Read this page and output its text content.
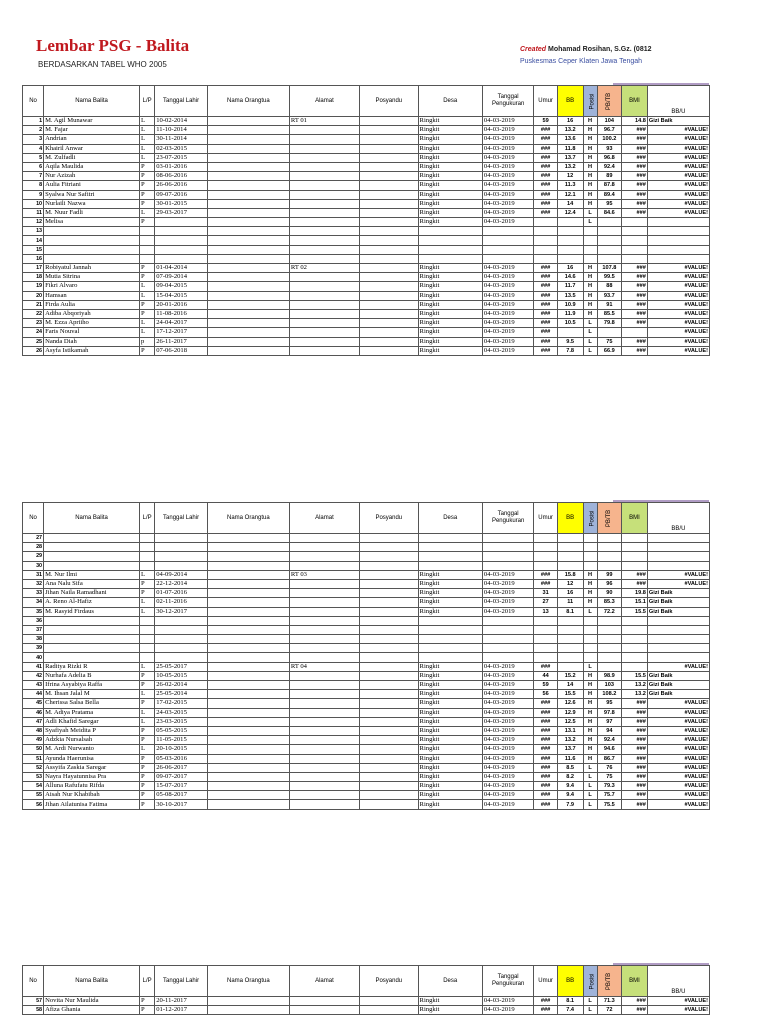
Lembar PSG - Balita
BERDASARKAN TABEL WHO 2005
Created Mohamad Rosihan, S.Gz. (0812
Puskesmas Ceper Klaten Jawa Tengah
No	Nama Balita	L/P	Tanggal Lahir	Nama Orangtua	Alamat	Posyandu	Desa	Tanggal Pengukuran	Umur	BB	Posisi	PB/TB	BMI	BB/U
1	M. Agil Munawar	L	10-02-2014		RT 01		Ringkit	04-03-2019	59	16	H	104	14.8	Gizi Baik
2	M. Fajar	L	11-10-2014				Ringkit	04-03-2019	###	13.2	H	96.7	###	#VALUE!
3	Andrian	L	30-11-2014				Ringkit	04-03-2019	###	13.6	H	100.2	###	#VALUE!
4	Khairil Anwar	L	02-03-2015				Ringkit	04-03-2019	###	11.8	H	93	###	#VALUE!
5	M. Zulfadli	L	23-07-2015				Ringkit	04-03-2019	###	13.7	H	96.8	###	#VALUE!
6	Aqila Maulida	P	03-01-2016				Ringkit	04-03-2019	###	13.2	H	92.4	###	#VALUE!
7	Nur Azizah	P	08-06-2016				Ringkit	04-03-2019	###	12	H	89	###	#VALUE!
8	Aulia Fitriani	P	26-06-2016				Ringkit	04-03-2019	###	11.3	H	87.8	###	#VALUE!
9	Syalwa Nur Safitri	P	09-07-2016				Ringkit	04-03-2019	###	12.1	H	89.4	###	#VALUE!
10	Nurlaili Nazwa	P	30-01-2015				Ringkit	04-03-2019	###	14	H	95	###	#VALUE!
11	M. Nuur Fadli	L	29-03-2017				Ringkit	04-03-2019	###	12.4	L	84.6	###	#VALUE!
12	Melisa	P					Ringkit	04-03-2019			L			
13														
14														
15														
16														
17	Robiyatul Jannah	P	01-04-2014		RT 02		Ringkit	04-03-2019	###	16	H	107.8	###	#VALUE!
18	Mutia Sitrina	P	07-09-2014				Ringkit	04-03-2019	###	14.6	H	99.5	###	#VALUE!
19	Fikri Alvaro	L	09-04-2015				Ringkit	04-03-2019	###	11.7	H	88	###	#VALUE!
20	Hamsan	L	15-04-2015				Ringkit	04-03-2019	###	13.5	H	93.7	###	#VALUE!
21	Firda Aulia	P	20-01-2016				Ringkit	04-03-2019	###	10.9	H	91	###	#VALUE!
22	Adiba Abqoriyah	P	11-08-2016				Ringkit	04-03-2019	###	11.9	H	85.5	###	#VALUE!
23	M. Ezza Apriiho	L	24-04-2017				Ringkit	04-03-2019	###	10.5	L	79.8	###	#VALUE!
24	Faris Nouval	L	17-12-2017				Ringkit	04-03-2019	###		L			#VALUE!
25	Nanda Diah	p	26-11-2017				Ringkit	04-03-2019	###	9.5	L	75	###	#VALUE!
26	Asyfa Istikamah	P	07-06-2018				Ringkit	04-03-2019	###	7.8	L	66.9	###	#VALUE!
No	Nama Balita	L/P	Tanggal Lahir	Nama Orangtua	Alamat	Posyandu	Desa	Tanggal Pengukuran	Umur	BB	Posisi	PB/TB	BMI	BB/U
27														
28														
29														
30														
31	M. Nur Ilmi	L	04-09-2014		RT 03		Ringkit	04-03-2019	###	15.8	H	99	###	#VALUE!
32	Ana Nalu Sifa	P	22-12-2014				Ringkit	04-03-2019	###	12	H	96	###	#VALUE!
33	Jihan Naila Ramadhani	P	01-07-2016				Ringkit	04-03-2019	31	16	H	90	19.8	Gizi Baik
34	A. Reno Al-Hafiz	L	02-11-2016				Ringkit	04-03-2019	27	11	H	85.3	15.1	Gizi Baik
35	M. Rasyid Firdaus	L	30-12-2017				Ringkit	04-03-2019	13	8.1	L	72.2	15.5	Gizi Baik
36														
37														
38														
39														
40														
41	Raditya Rizki R	L	25-05-2017		RT 04		Ringkit	04-03-2019	###		L			#VALUE!
42	Nurhafa Adelia B	P	10-05-2015				Ringkit	04-03-2019	44	15.2	H	98.9	15.5	Gizi Baik
43	Ifrina Asyabiya Raffa	P	26-02-2014				Ringkit	04-03-2019	59	14	H	103	13.2	Gizi Baik
44	M. Ihsan Jalal M	L	25-05-2014				Ringkit	04-03-2019	56	15.5	H	108.2	13.2	Gizi Baik
45	Cherissa Salsa Bella	P	17-02-2015				Ringkit	04-03-2019	###	12.6	H	95	###	#VALUE!
46	M. Adiya Pratama	L	24-03-2015				Ringkit	04-03-2019	###	12.9	H	97.8	###	#VALUE!
47	Adli Khafid Saregar	L	23-03-2015				Ringkit	04-03-2019	###	12.5	H	97	###	#VALUE!
48	Syafiyah Meidita P	P	05-05-2015				Ringkit	04-03-2019	###	13.1	H	94	###	#VALUE!
49	Adzkia Nursalsah	P	11-05-2015				Ringkit	04-03-2019	###	13.2	H	92.4	###	#VALUE!
50	M. Ardi Nurwanto	L	20-10-2015				Ringkit	04-03-2019	###	13.7	H	94.6	###	#VALUE!
51	Ayunda Haerunisa	P	05-03-2016				Ringkit	04-03-2019	###	11.6	H	86.7	###	#VALUE!
52	Assyifa Zaskia Saregar	P	26-06-2017				Ringkit	04-03-2019	###	8.5	L	76	###	#VALUE!
53	Nayra Hayatunnisa Pra	P	09-07-2017				Ringkit	04-03-2019	###	8.2	L	75	###	#VALUE!
54	Alluna Rafufatu Rifda	P	15-07-2017				Ringkit	04-03-2019	###	9.4	L	79.3	###	#VALUE!
55	Aisah Nur Khabibah	P	05-08-2017				Ringkit	04-03-2019	###	9.4	L	75.7	###	#VALUE!
56	Jihan Ailatunisa Fatima	P	30-10-2017				Ringkit	04-03-2019	###	7.9	L	75.5	###	#VALUE!
No	Nama Balita	L/P	Tanggal Lahir	Nama Orangtua	Alamat	Posyandu	Desa	Tanggal Pengukuran	Umur	BB	Posisi	PB/TB	BMI	BB/U
57	Novita Nur Maulida	P	20-11-2017				Ringkit	04-03-2019	###	8.1	L	71.3	###	#VALUE!
58	Afiza Ghania	P	01-12-2017				Ringkit	04-03-2019	###	7.4	L	72	###	#VALUE!
